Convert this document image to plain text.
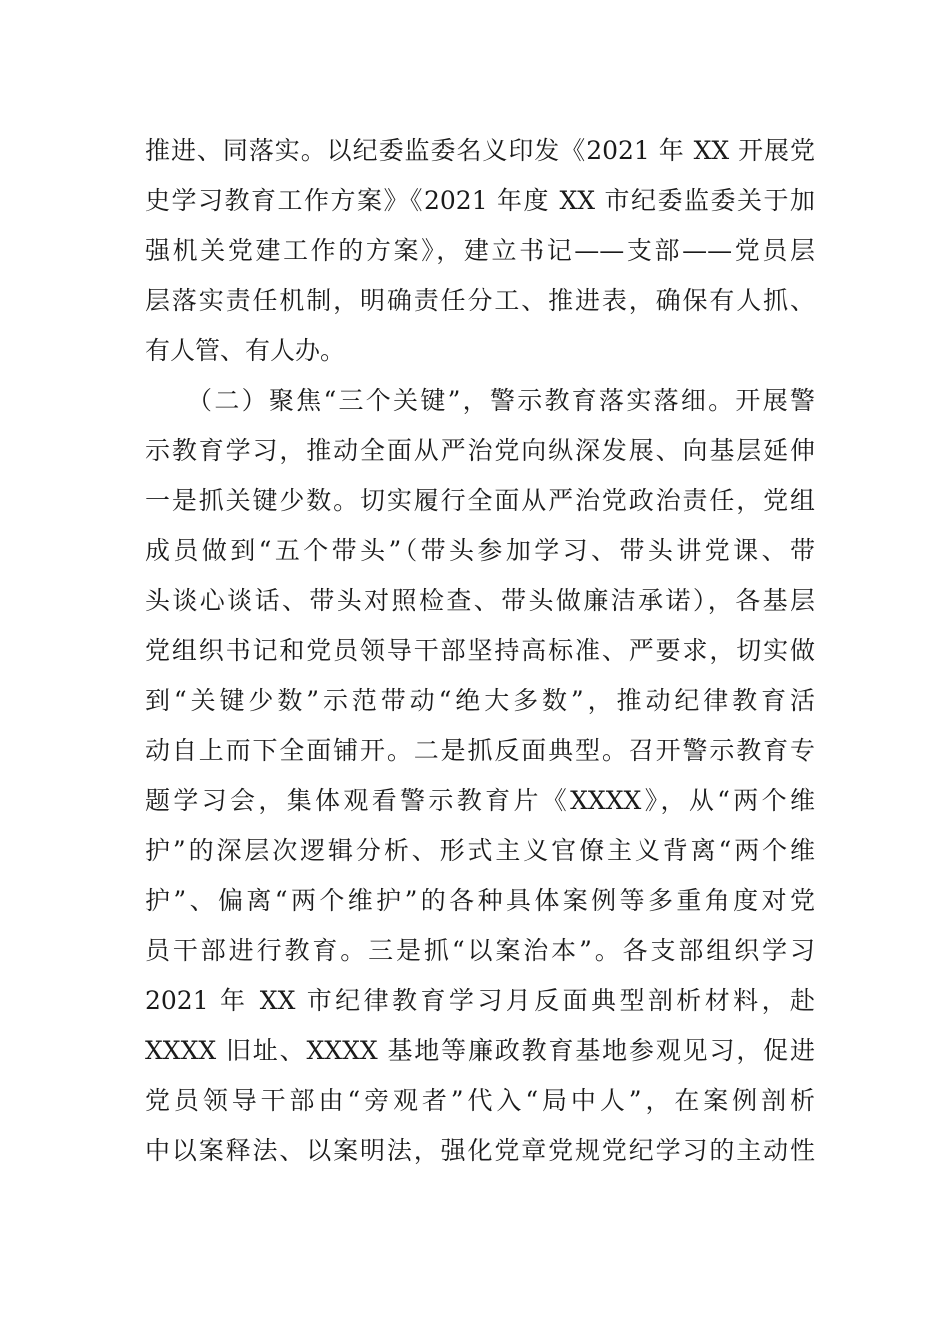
推进、同落实。以纪委监委名义印发《2021 年 XX 开展党
史学习教育工作方案》《2021 年度 XX 市纪委监委关于加
强机关党建工作的方案》，建立书记——支部——党员层
层落实责任机制，明确责任分工、推进表，确保有人抓、
有人管、有人办。
　　（二）聚焦“三个关键”，警示教育落实落细。开展警
示教育学习，推动全面从严治党向纵深发展、向基层延伸
一是抓关键少数。切实履行全面从严治党政治责任，党组
成员做到“五个带头”（带头参加学习、带头讲党课、带
头谈心谈话、带头对照检查、带头做廉洁承诺），各基层
党组织书记和党员领导干部坚持高标准、严要求，切实做
到“关键少数”示范带动“绝大多数”，推动纪律教育活
动自上而下全面铺开。二是抓反面典型。召开警示教育专
题学习会，集体观看警示教育片《XXXX》，从“两个维
护”的深层次逻辑分析、形式主义官僚主义背离“两个维
护”、偏离“两个维护”的各种具体案例等多重角度对党
员干部进行教育。三是抓“以案治本”。各支部组织学习
2021 年 XX 市纪律教育学习月反面典型剖析材料，赴
XXXX 旧址、XXXX 基地等廉政教育基地参观见习，促进
党员领导干部由“旁观者”代入“局中人”，在案例剖析
中以案释法、以案明法，强化党章党规党纪学习的主动性
